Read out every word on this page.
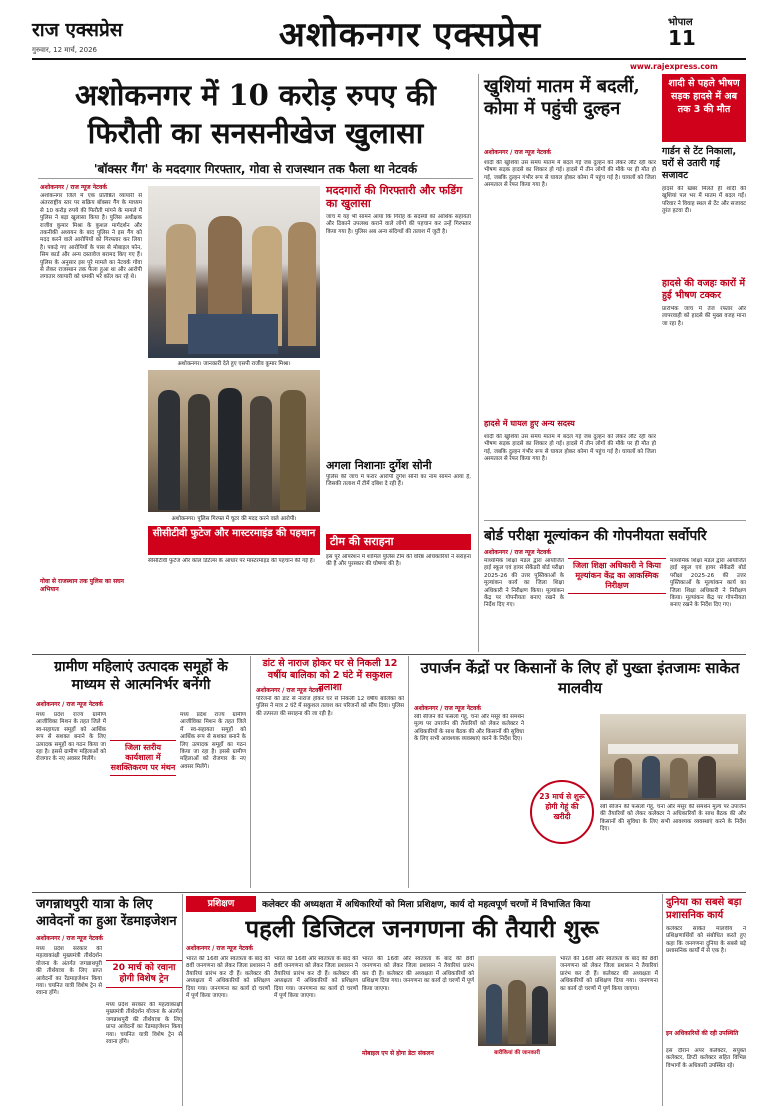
राज एक्सप्रेस
गुरुवार, 12 मार्च, 2026	अशोकनगर एक्सप्रेस	भोपाल
11
www.rajexpress.com
अशोकनगर में 10 करोड़ रुपए की फिरौती का सनसनीखेज खुलासा
'बॉक्सर गैंग' के मददगार गिरफ्तार, गोवा से राजस्थान तक फैला था नेटवर्क
अशोकनगर / राज न्यूज नेटवर्क
अशोकनगर जिले में एक प्रतिष्ठित व्यापारी से अंतरराष्ट्रीय स्तर पर सक्रिय बॉक्सर गैंग के माध्यम से 10 करोड़ रुपये की फिरौती मांगने के मामले में पुलिस ने बड़ा खुलासा किया है। पुलिस अधीक्षक राजीव कुमार मिश्रा के कुशल मार्गदर्शन और तकनीकी अध्ययन के बाद पुलिस ने इस गैंग को मदद करने वाले आरोपियों को गिरफ्तार कर लिया है। पकड़े गए आरोपियों के पास से मोबाइल फोन, सिम कार्ड और अन्य दस्तावेज बरामद किए गए हैं। पुलिस के अनुसार इस पूरे मामले का नेटवर्क गोवा से लेकर राजस्थान तक फैला हुआ था और आरोपी लगातार व्यापारी को धमकी भरे कॉल कर रहे थे।
गोवा से राजस्थान तक पुलिस का सघन अभियान
अशोकनगर। जानकारी देते हुए एसपी राजीव कुमार मिश्रा।
अशोकनगर। पुलिस गिरफ्त में चुटर की मदद करने वाले आरोपी।
मददगारों की गिरफ्तारी और फडिंग का खुलासा
जांच में यह भी सामने आया कि गिरोह के सदस्यों को आर्थिक सहायता और ठिकाने उपलब्ध कराने वाले लोगों की पहचान कर उन्हें गिरफ्तार किया गया है। पुलिस अब अन्य संदिग्धों की तलाश में जुटी है।
अगला निशानाः दुर्गेश सोनी
पुलिस की जांच में फरार आरोपी दुर्गेश सोनी का नाम सामने आया है, जिसकी तलाश में टीमें दबिश दे रही हैं।
सीसीटीवी फुटेज और मास्टरमाइंड की पहचान
सीसीटीवी फुटेज और कॉल डिटेल्स के आधार पर मास्टरमाइंड की पहचान की गई है।
टीम की सराहना
इस पूरे ऑपरेशन में शामिल पुलिस टीम की वरिष्ठ अधिकारियों ने सराहना की है और पुरस्कार की घोषणा की है।
खुशियां मातम में बदलीं, कोमा में पहुंची दुल्हन
शादी से पहले भीषण सड़क हादसे में अब तक 3 की मौत
अशोकनगर / राज न्यूज नेटवर्क
शादी की खुशियां उस समय मातम में बदल गईं जब दुल्हन को लेकर लौट रही कार भीषण सड़क हादसे का शिकार हो गई। हादसे में तीन लोगों की मौके पर ही मौत हो गई, जबकि दुल्हन गंभीर रूप से घायल होकर कोमा में पहुंच गई है। घायलों को जिला अस्पताल से रेफर किया गया है।
हादसे में घायल हुए अन्य सदस्य
शादी की खुशियां उस समय मातम में बदल गईं जब दुल्हन को लेकर लौट रही कार भीषण सड़क हादसे का शिकार हो गई। हादसे में तीन लोगों की मौके पर ही मौत हो गई, जबकि दुल्हन गंभीर रूप से घायल होकर कोमा में पहुंच गई है। घायलों को जिला अस्पताल से रेफर किया गया है।
गार्डन से टेंट निकाला, घरों से उतारी गई सजावट
हादसे की खबर मिलते ही शादी की खुशियां पल भर में मातम में बदल गईं। परिवार ने विवाह स्थल से टेंट और सजावट तुरंत हटवा दी।
हादसे की वजहः कारों में हुई भीषण टक्कर
प्रारंभिक जांच में तेज रफ्तार और लापरवाही को हादसे की मुख्य वजह माना जा रहा है।
बोर्ड परीक्षा मूल्यांकन की गोपनीयता सर्वोपरि
अशोकनगर / राज न्यूज नेटवर्क
माध्यमिक शिक्षा मंडल द्वारा आयोजित हाई स्कूल एवं हायर सेकेंडरी बोर्ड परीक्षा 2025-26 की उत्तर पुस्तिकाओं के मूल्यांकन कार्य का जिला शिक्षा अधिकारी ने निरीक्षण किया। मूल्यांकन केंद्र पर गोपनीयता बनाए रखने के निर्देश दिए गए।
जिला शिक्षा अधिकारी ने किया मूल्यांकन केंद्र का आकस्मिक निरीक्षण
माध्यमिक शिक्षा मंडल द्वारा आयोजित हाई स्कूल एवं हायर सेकेंडरी बोर्ड परीक्षा 2025-26 की उत्तर पुस्तिकाओं के मूल्यांकन कार्य का जिला शिक्षा अधिकारी ने निरीक्षण किया। मूल्यांकन केंद्र पर गोपनीयता बनाए रखने के निर्देश दिए गए।
ग्रामीण महिलाएं उत्पादक समूहों के माध्यम से आत्मनिर्भर बनेंगी
अशोकनगर / राज न्यूज नेटवर्क
मध्य प्रदेश राज्य ग्रामीण आजीविका मिशन के तहत जिले में स्व-सहायता समूहों को आर्थिक रूप से सशक्त बनाने के लिए उत्पादक समूहों का गठन किया जा रहा है। इससे ग्रामीण महिलाओं को रोजगार के नए अवसर मिलेंगे।
जिला स्तरीय कार्यशाला में सशक्तिकरण पर मंथन
मध्य प्रदेश राज्य ग्रामीण आजीविका मिशन के तहत जिले में स्व-सहायता समूहों को आर्थिक रूप से सशक्त बनाने के लिए उत्पादक समूहों का गठन किया जा रहा है। इससे ग्रामीण महिलाओं को रोजगार के नए अवसर मिलेंगे।
डांट से नाराज होकर घर से निकली 12 वर्षीय बालिका को 2 घंटे में सकुशल तलाशा
अशोकनगर / राज न्यूज नेटवर्क
परिजनों की डांट से नाराज होकर घर से निकली 12 वर्षीय बालिका को पुलिस ने मात्र 2 घंटे में सकुशल तलाश कर परिजनों को सौंप दिया। पुलिस की तत्परता की सराहना की जा रही है।
उपार्जन केंद्रों पर किसानों के लिए हों पुख्ता इंतजामः साकेत मालवीय
अशोकनगर / राज न्यूज नेटवर्क
रबी सीजन की फसलों गेहूं, चना और मसूर की समर्थन मूल्य पर उपार्जन की तैयारियों को लेकर कलेक्टर ने अधिकारियों के साथ बैठक की और किसानों की सुविधा के लिए सभी आवश्यक व्यवस्थाएं करने के निर्देश दिए।
23 मार्च से शुरू होगी गेहूं की खरीदी
रबी सीजन की फसलों गेहूं, चना और मसूर की समर्थन मूल्य पर उपार्जन की तैयारियों को लेकर कलेक्टर ने अधिकारियों के साथ बैठक की और किसानों की सुविधा के लिए सभी आवश्यक व्यवस्थाएं करने के निर्देश दिए।
प्रशिक्षण	कलेक्टर की अध्यक्षता में अधिकारियों को मिला प्रशिक्षण, कार्य दो महत्वपूर्ण चरणों में विभाजित किया
पहली डिजिटल जनगणना की तैयारी शुरू
अशोकनगर / राज न्यूज नेटवर्क
भारत की 16वीं और स्वतंत्रता के बाद की 8वीं जनगणना को लेकर जिला प्रशासन ने तैयारियां प्रारंभ कर दी हैं। कलेक्टर की अध्यक्षता में अधिकारियों को प्रशिक्षण दिया गया। जनगणना का कार्य दो चरणों में पूर्ण किया जाएगा।
भारत की 16वीं और स्वतंत्रता के बाद की 8वीं जनगणना को लेकर जिला प्रशासन ने तैयारियां प्रारंभ कर दी हैं। कलेक्टर की अध्यक्षता में अधिकारियों को प्रशिक्षण दिया गया। जनगणना का कार्य दो चरणों में पूर्ण किया जाएगा।
भारत की 16वीं और स्वतंत्रता के बाद की 8वीं जनगणना को लेकर जिला प्रशासन ने तैयारियां प्रारंभ कर दी हैं। कलेक्टर की अध्यक्षता में अधिकारियों को प्रशिक्षण दिया गया। जनगणना का कार्य दो चरणों में पूर्ण किया जाएगा।
मोबाइल एप से होगा डेटा संकलन	बारीकियां की जानकारी
भारत की 16वीं और स्वतंत्रता के बाद की 8वीं जनगणना को लेकर जिला प्रशासन ने तैयारियां प्रारंभ कर दी हैं। कलेक्टर की अध्यक्षता में अधिकारियों को प्रशिक्षण दिया गया। जनगणना का कार्य दो चरणों में पूर्ण किया जाएगा।
जगन्नाथपुरी यात्रा के लिए आवेदनों का हुआ रेंडमाइजेशन
अशोकनगर / राज न्यूज नेटवर्क
मध्य प्रदेश सरकार की महत्वाकांक्षी मुख्यमंत्री तीर्थदर्शन योजना के अंतर्गत जगन्नाथपुरी की तीर्थयात्रा के लिए प्राप्त आवेदनों का रेंडमाइजेशन किया गया। चयनित यात्री विशेष ट्रेन से रवाना होंगे।
20 मार्च को रवाना होगी विशेष ट्रेन
मध्य प्रदेश सरकार की महत्वाकांक्षी मुख्यमंत्री तीर्थदर्शन योजना के अंतर्गत जगन्नाथपुरी की तीर्थयात्रा के लिए प्राप्त आवेदनों का रेंडमाइजेशन किया गया। चयनित यात्री विशेष ट्रेन से रवाना होंगे।
दुनिया का सबसे बड़ा प्रशासनिक कार्य
कलेक्टर साकेत मालवीय ने प्रशिक्षणार्थियों को संबोधित करते हुए कहा कि जनगणना दुनिया के सबसे बड़े प्रशासनिक कार्यों में से एक है।
इन अधिकारियों की रही उपस्थिति
इस दौरान अपर कलेक्टर, संयुक्त कलेक्टर, डिप्टी कलेक्टर सहित विभिन्न विभागों के अधिकारी उपस्थित रहे।
